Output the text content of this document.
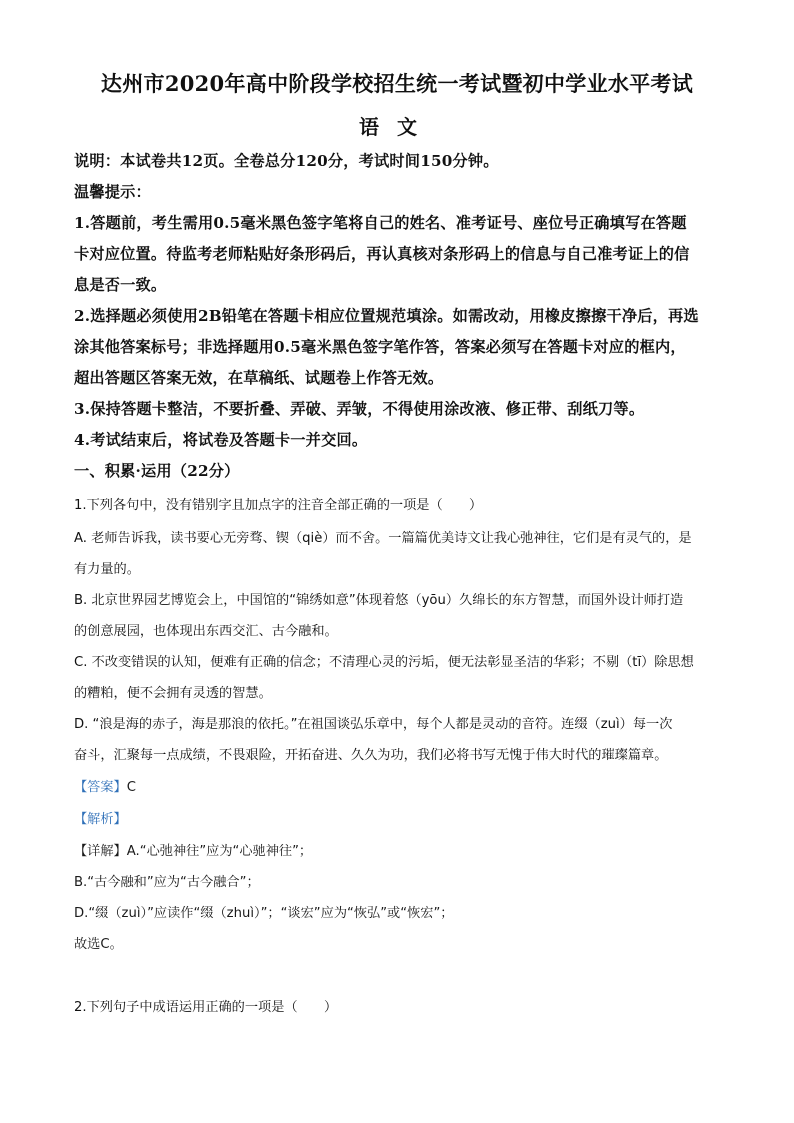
达州市2020年高中阶段学校招生统一考试暨初中学业水平考试
语文
说明：本试卷共12页。全卷总分120分，考试时间150分钟。
温馨提示：
1.答题前，考生需用0.5毫米黑色签字笔将自己的姓名、准考证号、座位号正确填写在答题
卡对应位置。待监考老师粘贴好条形码后，再认真核对条形码上的信息与自己准考证上的信
息是否一致。
2.选择题必须使用2B铅笔在答题卡相应位置规范填涂。如需改动，用橡皮擦擦干净后，再选
涂其他答案标号；非选择题用0.5毫米黑色签字笔作答，答案必须写在答题卡对应的框内，
超出答题区答案无效，在草稿纸、试题卷上作答无效。
3.保持答题卡整洁，不要折叠、弄破、弄皱，不得使用涂改液、修正带、刮纸刀等。
4.考试结束后，将试卷及答题卡一并交回。
一、积累·运用（22分）
1.下列各句中，没有错别字且加点字的注音全部正确的一项是（　　）
A. 老师告诉我，读书要心无旁骛、锲（qiè）而不舍。一篇篇优美诗文让我心弛神往，它们是有灵气的，是
有力量的。
B. 北京世界园艺博览会上，中国馆的“锦绣如意”体现着悠（yōu）久绵长的东方智慧，而国外设计师打造
的创意展园，也体现出东西交汇、古今融和。
C. 不改变错误的认知，便难有正确的信念；不清理心灵的污垢，便无法彰显圣洁的华彩；不剔（tī）除思想
的糟粕，便不会拥有灵透的智慧。
D. “浪是海的赤子，海是那浪的依托。”在祖国谈弘乐章中，每个人都是灵动的音符。连缀（zuì）每一次
奋斗，汇聚每一点成绩，不畏艰险，开拓奋进、久久为功，我们必将书写无愧于伟大时代的璀璨篇章。
【答案】C
【解析】
【详解】A.“心弛神往”应为“心驰神往”；
B.“古今融和”应为“古今融合”；
D.“缀（zuì）”应读作“缀（zhuì）”；“谈宏”应为“恢弘”或“恢宏”；
故选C。
2.下列句子中成语运用正确的一项是（　　）
